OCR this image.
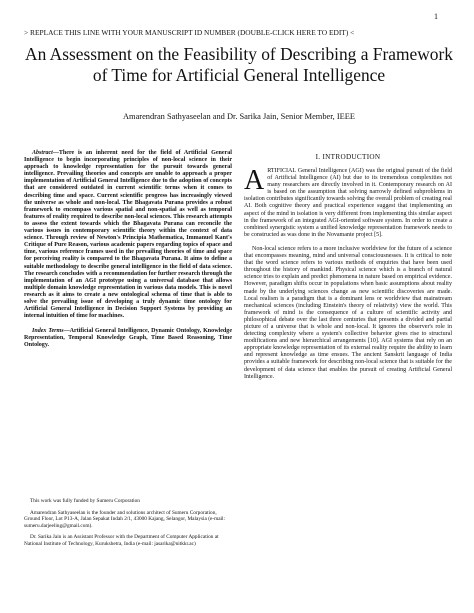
1
> REPLACE THIS LINE WITH YOUR MANUSCRIPT ID NUMBER (DOUBLE-CLICK HERE TO EDIT) <
An Assessment on the Feasibility of Describing a Framework of Time for Artificial General Intelligence
Amarendran Sathyaseelan and Dr. Sarika Jain, Senior Member, IEEE

Abstract—There is an inherent need for the field of Artificial General Intelligence to begin incorporating principles of non-local science in their approach to knowledge representation for the pursuit towards general intelligence. Prevailing theories and concepts are unable to approach a proper implementation of Artificial General Intelligence due to the adoption of concepts that are considered outdated in current scientific terms when it comes to describing time and space. Current scientific progress has increasingly viewed the universe as whole and non-local. The Bhagavata Purana provides a robust framework to encompass various spatial and non-spatial as well as temporal features of reality required to describe non-local sciences. This research attempts to assess the extent towards which the Bhagavata Purana can reconcile the various issues in contemporary scientific theory within the context of data science. Through review of Newton's Principia Mathematica, Immanuel Kant's Critique of Pure Reason, various academic papers regarding topics of space and time, various reference frames used in the prevailing theories of time and space for perceiving reality is compared to the Bhagavata Purana. It aims to define a suitable methodology to describe general intelligence in the field of data science. The research concludes with a recommendation for further research through the implementation of an AGI prototype using a universal database that allows multiple domain knowledge representation in various data models. This is novel research as it aims to create a new ontological schema of time that is able to solve the prevailing issue of developing a truly dynamic time ontology for Artificial General Intelligence in Decision Support Systems by providing an internal intuition of time for machines.

Index Terms—Artificial General Intelligence, Dynamic Ontology, Knowledge Representation, Temporal Knowledge Graph, Time Based Reasoning, Time Ontology.

This work was fully funded by Sumeru Corporation

Amarendran Sathyaseelan is the founder and solutions architect of Sumeru Corporation, Ground Floor, Lot P13-A, Jalan Sepakat Indah 2/1, 43000 Kajang, Selangor, Malaysia (e-mail: sumeru.darjeeling@gmail.com).

Dr. Sarika Jain is an Assistant Professor with the Department of Computer Application at National Institute of Technology, Kurukshetra, India (e-mail: jasarika@nitkkr.ac)

I. INTRODUCTION

ARTIFICIAL General Intelligence (AGI) was the original pursuit of the field of Artificial Intelligence (AI) but due to its tremendous complexities not many researchers are directly involved in it. Contemporary research on AI is based on the assumption that solving narrowly defined subproblems in isolation contributes significantly towards solving the overall problem of creating real AI. Both cognitive theory and practical experience suggest that implementing an aspect of the mind in isolation is very different from implementing this similar aspect in the framework of an integrated AGI-oriented software system. In order to create a combined synergistic system a unified knowledge representation framework needs to be constructed as was done in the Novamante project [5].

Non-local science refers to a more inclusive worldview for the future of a science that encompasses meaning, mind and universal consciousnesses. It is critical to note that the word science refers to various methods of enquiries that have been used throughout the history of mankind. Physical science which is a branch of natural science tries to explain and predict phenomena in nature based on empirical evidence. However, paradigm shifts occur in populations when basic assumptions about reality made by the underlying sciences change as new scientific discoveries are made. Local realism is a paradigm that is a dominant lens or worldview that mainstream mechanical sciences (including Einstein's theory of relativity) view the world. This framework of mind is the consequence of a culture of scientific activity and philosophical debate over the last three centuries that presents a divided and partial picture of a universe that is whole and non-local. It ignores the observer's role in detecting complexity where a system's collective behavior gives rise to structural modifications and new hierarchical arrangements [10]. AGI systems that rely on an appropriate knowledge representation of its external reality require the ability to learn and represent knowledge as time ensues. The ancient Sanskrit language of India provides a suitable framework for describing non-local science that is suitable for the development of data science that enables the pursuit of creating Artificial General Intelligence.
